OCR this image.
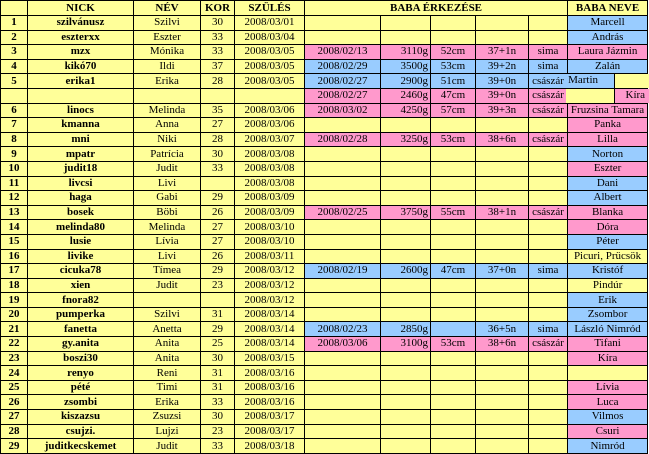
	NICK	NÉV	KOR	SZÜLÉS	BABA ÉRKEZÉSE					BABA NEVE
1	szilvánusz	Szilvi	30	2008/03/01						Marcell
2	eszterxx	Eszter	33	2008/03/04						András
3	mzx	Mónika	33	2008/03/05	2008/02/13	3110g	52cm	37+1n	sima	Laura Jázmin
4	kikó70	Ildi	37	2008/03/05	2008/02/29	3500g	53cm	39+2n	sima	Zalán
5	erika1	Erika	28	2008/03/05	2008/02/27	2900g	51cm	39+0n	császár	Martin

					2008/02/27	2460g	47cm	39+0n	császár	Kíra

6	linocs	Melinda	35	2008/03/06	2008/03/02	4250g	57cm	39+3n	császár	Fruzsina Tamara
7	kmanna	Anna	27	2008/03/06						Panka
8	mni	Niki	28	2008/03/07	2008/02/28	3250g	53cm	38+6n	császár	Lilla
9	mpatr	Patrícia	30	2008/03/08						Norton
10	judit18	Judit	33	2008/03/08						Eszter
11	livcsi	Livi		2008/03/08						Dani
12	haga	Gabi	29	2008/03/09						Albert
13	bosek	Böbi	26	2008/03/09	2008/02/25	3750g	55cm	38+1n	császár	Blanka
14	melinda80	Melinda	27	2008/03/10						Dóra
15	lusie	Lívia	27	2008/03/10						Péter
16	livike	Livi	26	2008/03/11						Picuri, Prücsök
17	cicuka78	Tímea	29	2008/03/12	2008/02/19	2600g	47cm	37+0n	sima	Kristóf
18	xien	Judit	23	2008/03/12						Pindúr
19	fnora82			2008/03/12						Erik
20	pumperka	Szilvi	31	2008/03/14						Zsombor
21	fanetta	Anetta	29	2008/03/14	2008/02/23	2850g		36+5n	sima	László Nimród
22	gy.anita	Anita	25	2008/03/14	2008/03/06	3100g	53cm	38+6n	császár	Tifani
23	boszi30	Anita	30	2008/03/15						Kíra
24	renyo	Reni	31	2008/03/16						
25	pété	Timi	31	2008/03/16						Lívia
26	zsombi	Erika	33	2008/03/16						Luca
27	kiszazsu	Zsuzsi	30	2008/03/17						Vilmos
28	csujzi.	Lujzi	23	2008/03/17						Csuri
29	juditkecskemet	Judit	33	2008/03/18						Nimród
